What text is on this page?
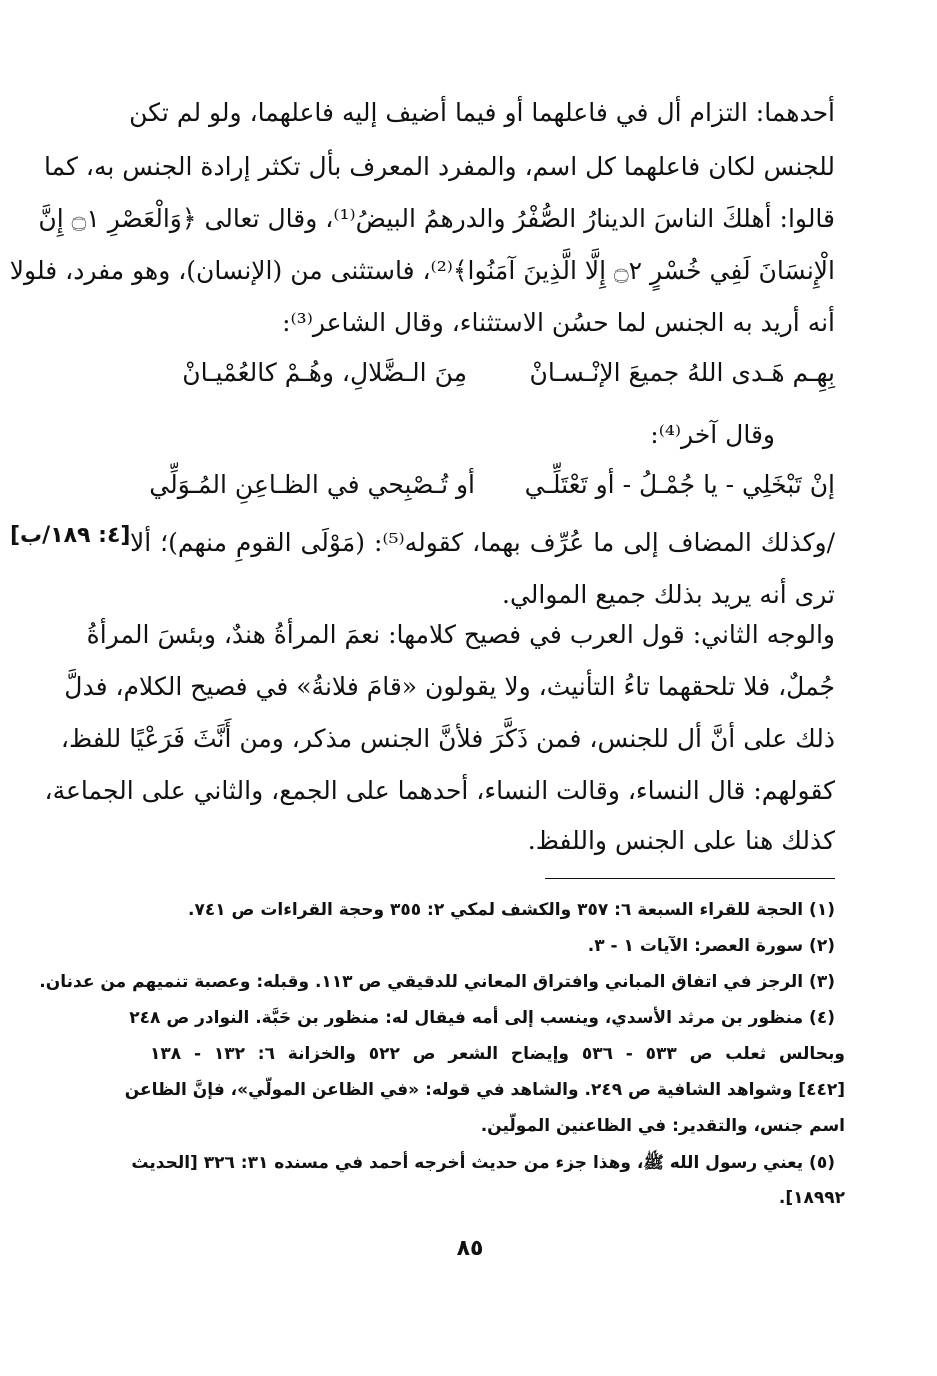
أحدهما: التزام أل في فاعلهما أو فيما أضيف إليه فاعلهما، ولو لم تكن
للجنس لكان فاعلهما كل اسم، والمفرد المعرف بأل تكثر إرادة الجنس به، كما
قالوا: أهلكَ الناسَ الدينارُ الصُّفْرُ والدرهمُ البيضُ⁽¹⁾، وقال تعالى ﴿وَالْعَصْرِ ۝١ إِنَّ
الْإِنسَانَ لَفِي خُسْرٍ ۝٢ إِلَّا الَّذِينَ آمَنُوا﴾⁽²⁾، فاستثنى من (الإنسان)، وهو مفرد، فلولا
أنه أريد به الجنس لما حسُن الاستثناء، وقال الشاعر⁽³⁾:
بِهِـم هَـدى اللهُ جميعَ الإنْـسـانْ
مِنَ الـضَّلالِ، وهُـمْ كالعُمْيـانْ
وقال آخر⁽⁴⁾:
إنْ تَبْخَلِي - يا جُمْـلُ - أو تَعْتَلِّـي
أو تُـصْبِحي في الظـاعِنِ المُـوَلِّي
[٤: ١٨٩/ب] /وكذلك المضاف إلى ما عُرِّف بهما، كقوله⁽⁵⁾: (مَوْلَى القومِ منهم)؛ ألا
ترى أنه يريد بذلك جميع الموالي.
والوجه الثاني: قول العرب في فصيح كلامها: نعمَ المرأةُ هندٌ، وبئسَ المرأةُ
جُملٌ، فلا تلحقهما تاءُ التأنيث، ولا يقولون «قامَ فلانةُ» في فصيح الكلام، فدلَّ
ذلك على أنَّ أل للجنس، فمن ذَكَّرَ فلأنَّ الجنس مذكر، ومن أَنَّثَ فَرَعْيًا للفظ،
كقولهم: قال النساء، وقالت النساء، أحدهما على الجمع، والثاني على الجماعة،
كذلك هنا على الجنس واللفظ.
(١) الحجة للقراء السبعة ٦: ٣٥٧ والكشف لمكي ٢: ٣٥٥ وحجة القراءات ص ٧٤١.
(٢) سورة العصر: الآيات ١ - ٣.
(٣) الرجز في اتفاق المباني وافتراق المعاني للدقيقي ص ١١٣. وقبله: وعصبة تنميهم من عدنان.
(٤) منظور بن مرثد الأسدي، وينسب إلى أمه فيقال له: منظور بن حَبَّة. النوادر ص ٢٤٨
وبحالس ثعلب ص ٥٣٣ - ٥٣٦ وإيضاح الشعر ص ٥٢٢ والخزانة ٦: ١٣٢ - ١٣٨
[٤٤٢] وشواهد الشافية ص ٢٤٩. والشاهد في قوله: «في الظاعن المولّي»، فإنَّ الظاعن
اسم جنس، والتقدير: في الظاعنين المولّين.
(٥) يعني رسول الله ﷺ، وهذا جزء من حديث أخرجه أحمد في مسنده ٣١: ٣٢٦ [الحديث
١٨٩٩٢].
٨٥
